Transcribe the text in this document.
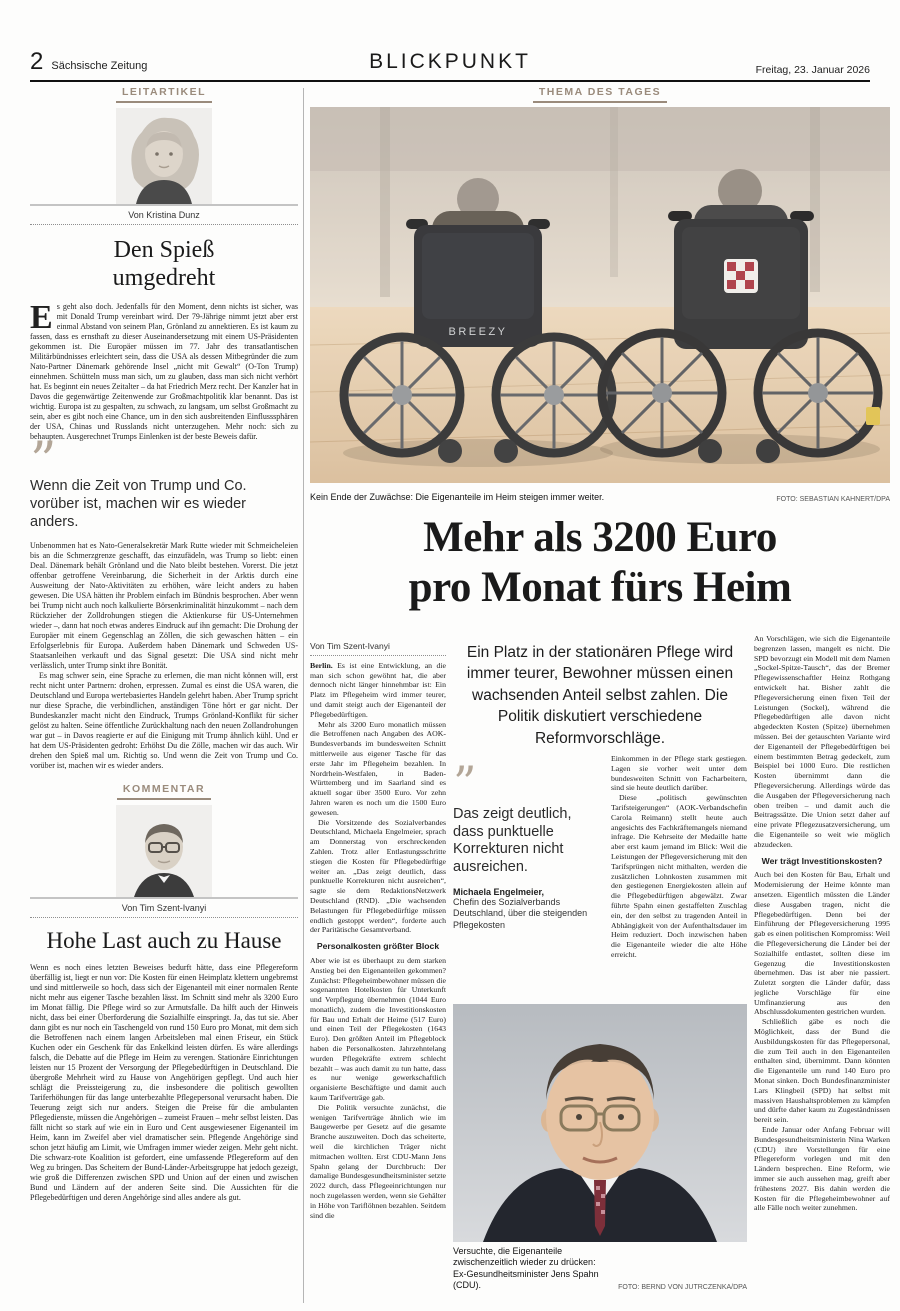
2 Sächsische Zeitung	BLICKPUNKT	Freitag, 23. Januar 2026
LEITARTIKEL
Von Kristina Dunz
Den Spieß
umgedreht

Es geht also doch. Jedenfalls für den Moment, denn nichts ist sicher, was mit Donald Trump vereinbart wird. Der 79-Jährige nimmt jetzt aber erst einmal Abstand von seinem Plan, Grönland zu annektieren. Es ist kaum zu fassen, dass es ernsthaft zu dieser Auseinandersetzung mit einem US-Präsidenten gekommen ist. Die Europäer müssen im 77. Jahr des transatlantischen Militärbündnisses erleichtert sein, dass die USA als dessen Mitbegründer die zum Nato-Partner Dänemark gehörende Insel „nicht mit Gewalt“ (O-Ton Trump) einnehmen. Schütteln muss man sich, um zu glauben, dass man sich nicht verhört hat. Es beginnt ein neues Zeitalter – da hat Friedrich Merz recht. Der Kanzler hat in Davos die gegenwärtige Zeitenwende zur Großmachtpolitik klar benannt. Das ist wichtig. Europa ist zu gespalten, zu schwach, zu langsam, um selbst Großmacht zu sein, aber es gibt noch eine Chance, um in den sich ausbreitenden Einflusssphären der USA, Chinas und Russlands nicht unterzugehen. Mehr noch: sich zu behaupten. Ausgerechnet Trumps Einlenken ist der beste Beweis dafür.

”
Wenn die Zeit von Trump und Co. vorüber ist, machen wir es wieder anders.

Unbenommen hat es Nato-Generalsekretär Mark Rutte wieder mit Schmeicheleien bis an die Schmerzgrenze geschafft, das einzufädeln, was Trump so liebt: einen Deal. Dänemark behält Grönland und die Nato bleibt bestehen. Vorerst. Die jetzt offenbar getroffene Vereinbarung, die Sicherheit in der Arktis durch eine Ausweitung der Nato-Aktivitäten zu erhöhen, wäre leicht anders zu haben gewesen. Die USA hätten ihr Problem einfach im Bündnis besprochen. Aber wenn bei Trump nicht auch noch kalkulierte Börsenkriminalität hinzukommt – nach dem Rückzieher der Zolldrohungen stiegen die Aktienkurse für US-Unternehmen wieder –, dann hat noch etwas anderes Eindruck auf ihn gemacht: Die Drohung der Europäer mit einem Gegenschlag an Zöllen, die sich gewaschen hätten – ein Erfolgserlebnis für Europa. Außerdem haben Dänemark und Schweden US-Staatsanleihen verkauft und das Signal gesetzt: Die USA sind nicht mehr verlässlich, unter Trump sinkt ihre Bonität.

Es mag schwer sein, eine Sprache zu erlernen, die man nicht können will, erst recht nicht unter Partnern: drohen, erpressen. Zumal es einst die USA waren, die Deutschland und Europa wertebasiertes Handeln gelehrt haben. Aber Trump spricht nur diese Sprache, die verbindlichen, anständigen Töne hört er gar nicht. Der Bundeskanzler macht nicht den Eindruck, Trumps Grönland-Konflikt für sicher gelöst zu halten. Seine öffentliche Zurückhaltung nach den neuen Zollandrohungen war gut – in Davos reagierte er auf die Einigung mit Trump ähnlich kühl. Und er hat dem US-Präsidenten gedroht: Erhöhst Du die Zölle, machen wir das auch. Wir drehen den Spieß mal um. Richtig so. Und wenn die Zeit von Trump und Co. vorüber ist, machen wir es wieder anders.

KOMMENTAR
Von Tim Szent-Ivanyi
Hohe Last auch zu Hause

Wenn es noch eines letzten Beweises bedurft hätte, dass eine Pflegereform überfällig ist, liegt er nun vor: Die Kosten für einen Heimplatz klettern ungebremst und sind mittlerweile so hoch, dass sich der Eigenanteil mit einer normalen Rente nicht mehr aus eigener Tasche bezahlen lässt. Im Schnitt sind mehr als 3200 Euro im Monat fällig. Die Pflege wird so zur Armutsfalle. Da hilft auch der Hinweis nicht, dass bei einer Überforderung die Sozialhilfe einspringt. Ja, das tut sie. Aber dann gibt es nur noch ein Taschengeld von rund 150 Euro pro Monat, mit dem sich die Betroffenen nach einem langen Arbeitsleben mal einen Friseur, ein Stück Kuchen oder ein Geschenk für das Enkelkind leisten dürfen. Es wäre allerdings falsch, die Debatte auf die Pflege im Heim zu verengen. Stationäre Einrichtungen leisten nur 15 Prozent der Versorgung der Pflegebedürftigen in Deutschland. Die übergroße Mehrheit wird zu Hause von Angehörigen gepflegt. Und auch hier schlägt die Preissteigerung zu, die insbesondere die politisch gewollten Tariferhöhungen für das lange unterbezahlte Pflegepersonal verursacht haben. Die Teuerung zeigt sich nur anders. Steigen die Preise für die ambulanten Pflegedienste, müssen die Angehörigen – zumeist Frauen – mehr selbst leisten. Das fällt nicht so stark auf wie ein in Euro und Cent ausgewiesener Eigenanteil im Heim, kann im Zweifel aber viel dramatischer sein. Pflegende Angehörige sind schon jetzt häufig am Limit, wie Umfragen immer wieder zeigen. Mehr geht nicht. Die schwarz-rote Koalition ist gefordert, eine umfassende Pflegereform auf den Weg zu bringen. Das Scheitern der Bund-Länder-Arbeitsgruppe hat jedoch gezeigt, wie groß die Differenzen zwischen SPD und Union auf der einen und zwischen Bund und Ländern auf der anderen Seite sind. Die Aussichten für die Pflegebedürftigen und deren Angehörige sind alles andere als gut.

THEMA DES TAGES
BREEZY
Kein Ende der Zuwächse: Die Eigenanteile im Heim steigen immer weiter.	FOTO: SEBASTIAN KAHNERT/DPA
Mehr als 3200 Euro
pro Monat fürs Heim
Von Tim Szent-Ivanyi

Berlin. Es ist eine Entwicklung, an die man sich schon gewöhnt hat, die aber dennoch nicht länger hinnehmbar ist: Ein Platz im Pflegeheim wird immer teurer, und damit steigt auch der Eigenanteil der Pflegebedürftigen.

Mehr als 3200 Euro monatlich müssen die Betroffenen nach Angaben des AOK-Bundesverbands im bundesweiten Schnitt mittlerweile aus eigener Tasche für das erste Jahr im Pflegeheim bezahlen. In Nordrhein-Westfalen, in Baden-Württemberg und im Saarland sind es aktuell sogar über 3500 Euro. Vor zehn Jahren waren es noch um die 1500 Euro gewesen.

Die Vorsitzende des Sozialverbandes Deutschland, Michaela Engelmeier, sprach am Donnerstag von erschreckenden Zahlen. Trotz aller Entlastungsschritte stiegen die Kosten für Pflegebedürftige weiter an. „Das zeigt deutlich, dass punktuelle Korrekturen nicht ausreichen“, sagte sie dem RedaktionsNetzwerk Deutschland (RND). „Die wachsenden Belastungen für Pflegebedürftige müssen endlich gestoppt werden“, forderte auch der Paritätische Gesamtverband.

Personalkosten größter Block

Aber wie ist es überhaupt zu dem starken Anstieg bei den Eigenanteilen gekommen? Zunächst: Pflegeheimbewohner müssen die sogenannten Hotelkosten für Unterkunft und Verpflegung übernehmen (1044 Euro monatlich), zudem die Investitionskosten für Bau und Erhalt der Heime (517 Euro) und einen Teil der Pflegekosten (1643 Euro). Den größten Anteil im Pflegeblock haben die Personalkosten. Jahrzehntelang wurden Pflegekräfte extrem schlecht bezahlt – was auch damit zu tun hatte, dass es nur wenige gewerkschaftlich organisierte Beschäftigte und damit auch kaum Tarifverträge gab.

Die Politik versuchte zunächst, die wenigen Tarifverträge ähnlich wie im Baugewerbe per Gesetz auf die gesamte Branche auszuweiten. Doch das scheiterte, weil die kirchlichen Träger nicht mitmachen wollten. Erst CDU-Mann Jens Spahn gelang der Durchbruch: Der damalige Bundesgesundheitsminister setzte 2022 durch, dass Pflegeeinrichtungen nur noch zugelassen werden, wenn sie Gehälter in Höhe von Tariflöhnen bezahlen. Seitdem sind die

Ein Platz in der stationären Pflege wird immer teurer, Bewohner müssen einen wachsenden Anteil selbst zahlen. Die Politik diskutiert verschiedene Reformvorschläge.
”
Das zeigt deutlich, dass punktuelle Korrekturen nicht ausreichen.
Michaela Engelmeier,
Chefin des Sozialverbands Deutschland, über die steigenden Pflegekosten

Einkommen in der Pflege stark gestiegen. Lagen sie vorher weit unter dem bundesweiten Schnitt von Facharbeitern, sind sie heute deutlich darüber.

Diese „politisch gewünschten Tarifsteigerungen“ (AOK-Verbandschefin Carola Reimann) stellt heute auch angesichts des Fachkräftemangels niemand infrage. Die Kehrseite der Medaille hatte aber erst kaum jemand im Blick: Weil die Leistungen der Pflegeversicherung mit den Tarifsprüngen nicht mithalten, werden die zusätzlichen Lohnkosten zusammen mit den gestiegenen Energiekosten allein auf die Pflegebedürftigen abgewälzt. Zwar führte Spahn einen gestaffelten Zuschlag ein, der den selbst zu tragenden Anteil in Abhängigkeit von der Aufenthaltsdauer im Heim reduziert. Doch inzwischen haben die Eigenanteile wieder die alte Höhe erreicht.

Versuchte, die Eigenanteile zwischenzeitlich wieder zu drücken: Ex-Gesundheitsminister Jens Spahn (CDU).	FOTO: BERND VON JUTRCZENKA/DPA

An Vorschlägen, wie sich die Eigenanteile begrenzen lassen, mangelt es nicht. Die SPD bevorzugt ein Modell mit dem Namen „Sockel-Spitze-Tausch“, das der Bremer Pflegewissenschaftler Heinz Rothgang entwickelt hat. Bisher zahlt die Pflegeversicherung einen fixen Teil der Leistungen (Sockel), während die Pflegebedürftigen alle davon nicht abgedeckten Kosten (Spitze) übernehmen müssen. Bei der getauschten Variante wird der Eigenanteil der Pflegebedürftigen bei einem bestimmten Betrag gedeckelt, zum Beispiel bei 1000 Euro. Die restlichen Kosten übernimmt dann die Pflegeversicherung. Allerdings würde das die Ausgaben der Pflegeversicherung nach oben treiben – und damit auch die Beitragssätze. Die Union setzt daher auf eine private Pflegezusatzversicherung, um die Eigenanteile so weit wie möglich abzudecken.

Wer trägt Investitionskosten?

Auch bei den Kosten für Bau, Erhalt und Modernisierung der Heime könnte man ansetzen. Eigentlich müssten die Länder diese Ausgaben tragen, nicht die Pflegebedürftigen. Denn bei der Einführung der Pflegeversicherung 1995 gab es einen politischen Kompromiss: Weil die Pflegeversicherung die Länder bei der Sozialhilfe entlastet, sollten diese im Gegenzug die Investitionskosten übernehmen. Das ist aber nie passiert. Zuletzt sorgten die Länder dafür, dass jegliche Vorschläge für eine Umfinanzierung aus den Abschlussdokumenten gestrichen wurden.

Schließlich gäbe es noch die Möglichkeit, dass der Bund die Ausbildungskosten für das Pflegepersonal, die zum Teil auch in den Eigenanteilen enthalten sind, übernimmt. Dann könnten die Eigenanteile um rund 140 Euro pro Monat sinken. Doch Bundesfinanzminister Lars Klingbeil (SPD) hat selbst mit massiven Haushaltsproblemen zu kämpfen und dürfte daher kaum zu Zugeständnissen bereit sein.

Ende Januar oder Anfang Februar will Bundesgesundheitsministerin Nina Warken (CDU) ihre Vorstellungen für eine Pflegereform vorlegen und mit den Ländern besprechen. Eine Reform, wie immer sie auch aussehen mag, greift aber frühestens 2027. Bis dahin werden die Kosten für die Pflegeheimbewohner auf alle Fälle noch weiter zunehmen.
